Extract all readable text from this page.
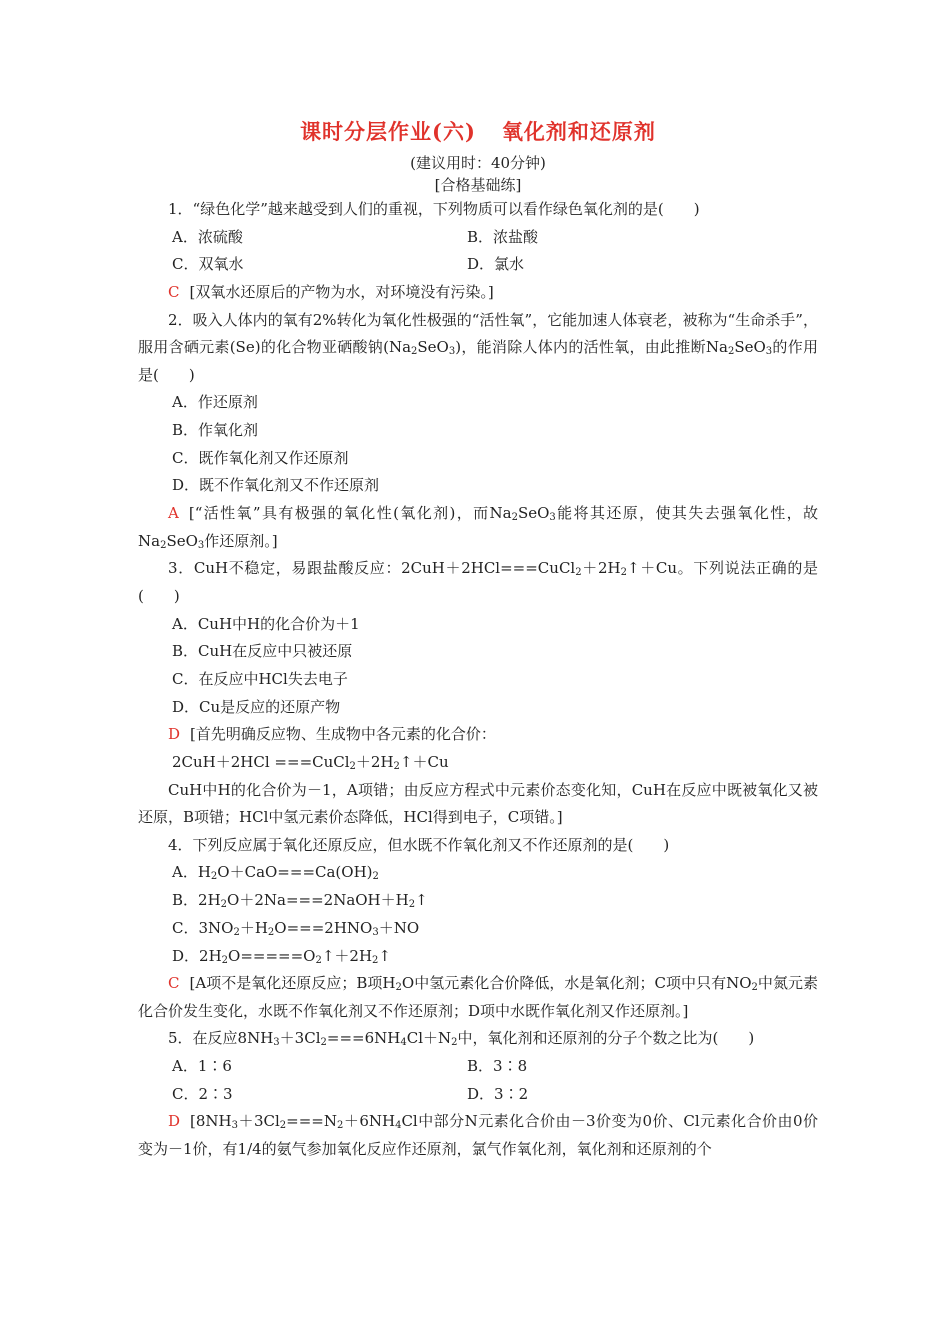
课时分层作业(六) 氧化剂和还原剂
(建议用时：40分钟)
[合格基础练]

1．“绿色化学”越来越受到人们的重视，下列物质可以看作绿色氧化剂的是(　　)

A．浓硫酸	B．浓盐酸
C．双氧水	D．氯水

C [双氧水还原后的产物为水，对环境没有污染。]

2．吸入人体内的氧有2%转化为氧化性极强的“活性氧”，它能加速人体衰老，被称为“生命杀手”，服用含硒元素(Se)的化合物亚硒酸钠$(Na_2SeO_3)$，能消除人体内的活性氧，由此推断$Na_2SeO_3$的作用是(　　)

A．作还原剂

B．作氧化剂

C．既作氧化剂又作还原剂

D．既不作氧化剂又不作还原剂

A [“活性氧”具有极强的氧化性(氧化剂)，而$Na_2SeO_3$能将其还原，使其失去强氧化性，故$Na_2SeO_3$作还原剂。]

3．CuH不稳定，易跟盐酸反应：$2CuH+2HCl===CuCl_2+2H_2↑+Cu$。下列说法正确的是(　　)

A．CuH中H的化合价为＋1

B．CuH在反应中只被还原

C．在反应中HCl失去电子

D．Cu是反应的还原产物

D [首先明确反应物、生成物中各元素的化合价：

$2CuH+2HCl ===CuCl_2+2H_2↑+Cu$

CuH中H的化合价为－1，A项错；由反应方程式中元素价态变化知，CuH在反应中既被氧化又被还原，B项错；HCl中氢元素价态降低，HCl得到电子，C项错。]

4．下列反应属于氧化还原反应，但水既不作氧化剂又不作还原剂的是(　　)

A．$H_2O+CaO===Ca(OH)_2$

B．$2H_2O+2Na===2NaOH+H_2↑$

C．$3NO_2+H_2O===2HNO_3+NO$

D．$2H_2O=====O_2↑+2H_2↑$

C [A项不是氧化还原反应；B项$H_2O$中氢元素化合价降低，水是氧化剂；C项中只有$NO_2$中氮元素化合价发生变化，水既不作氧化剂又不作还原剂；D项中水既作氧化剂又作还原剂。]

5．在反应$8NH_3+3Cl_2===6NH_4Cl+N_2$中，氧化剂和还原剂的分子个数之比为(　　)

A．1∶6	B．3∶8
C．2∶3	D．3∶2

D [$8NH_3+3Cl_2===N_2+6NH_4Cl$中部分N元素化合价由－3价变为0价、Cl元素化合价由0价变为－1价，有1/4的氨气参加氧化反应作还原剂，氯气作氧化剂，氧化剂和还原剂的个
